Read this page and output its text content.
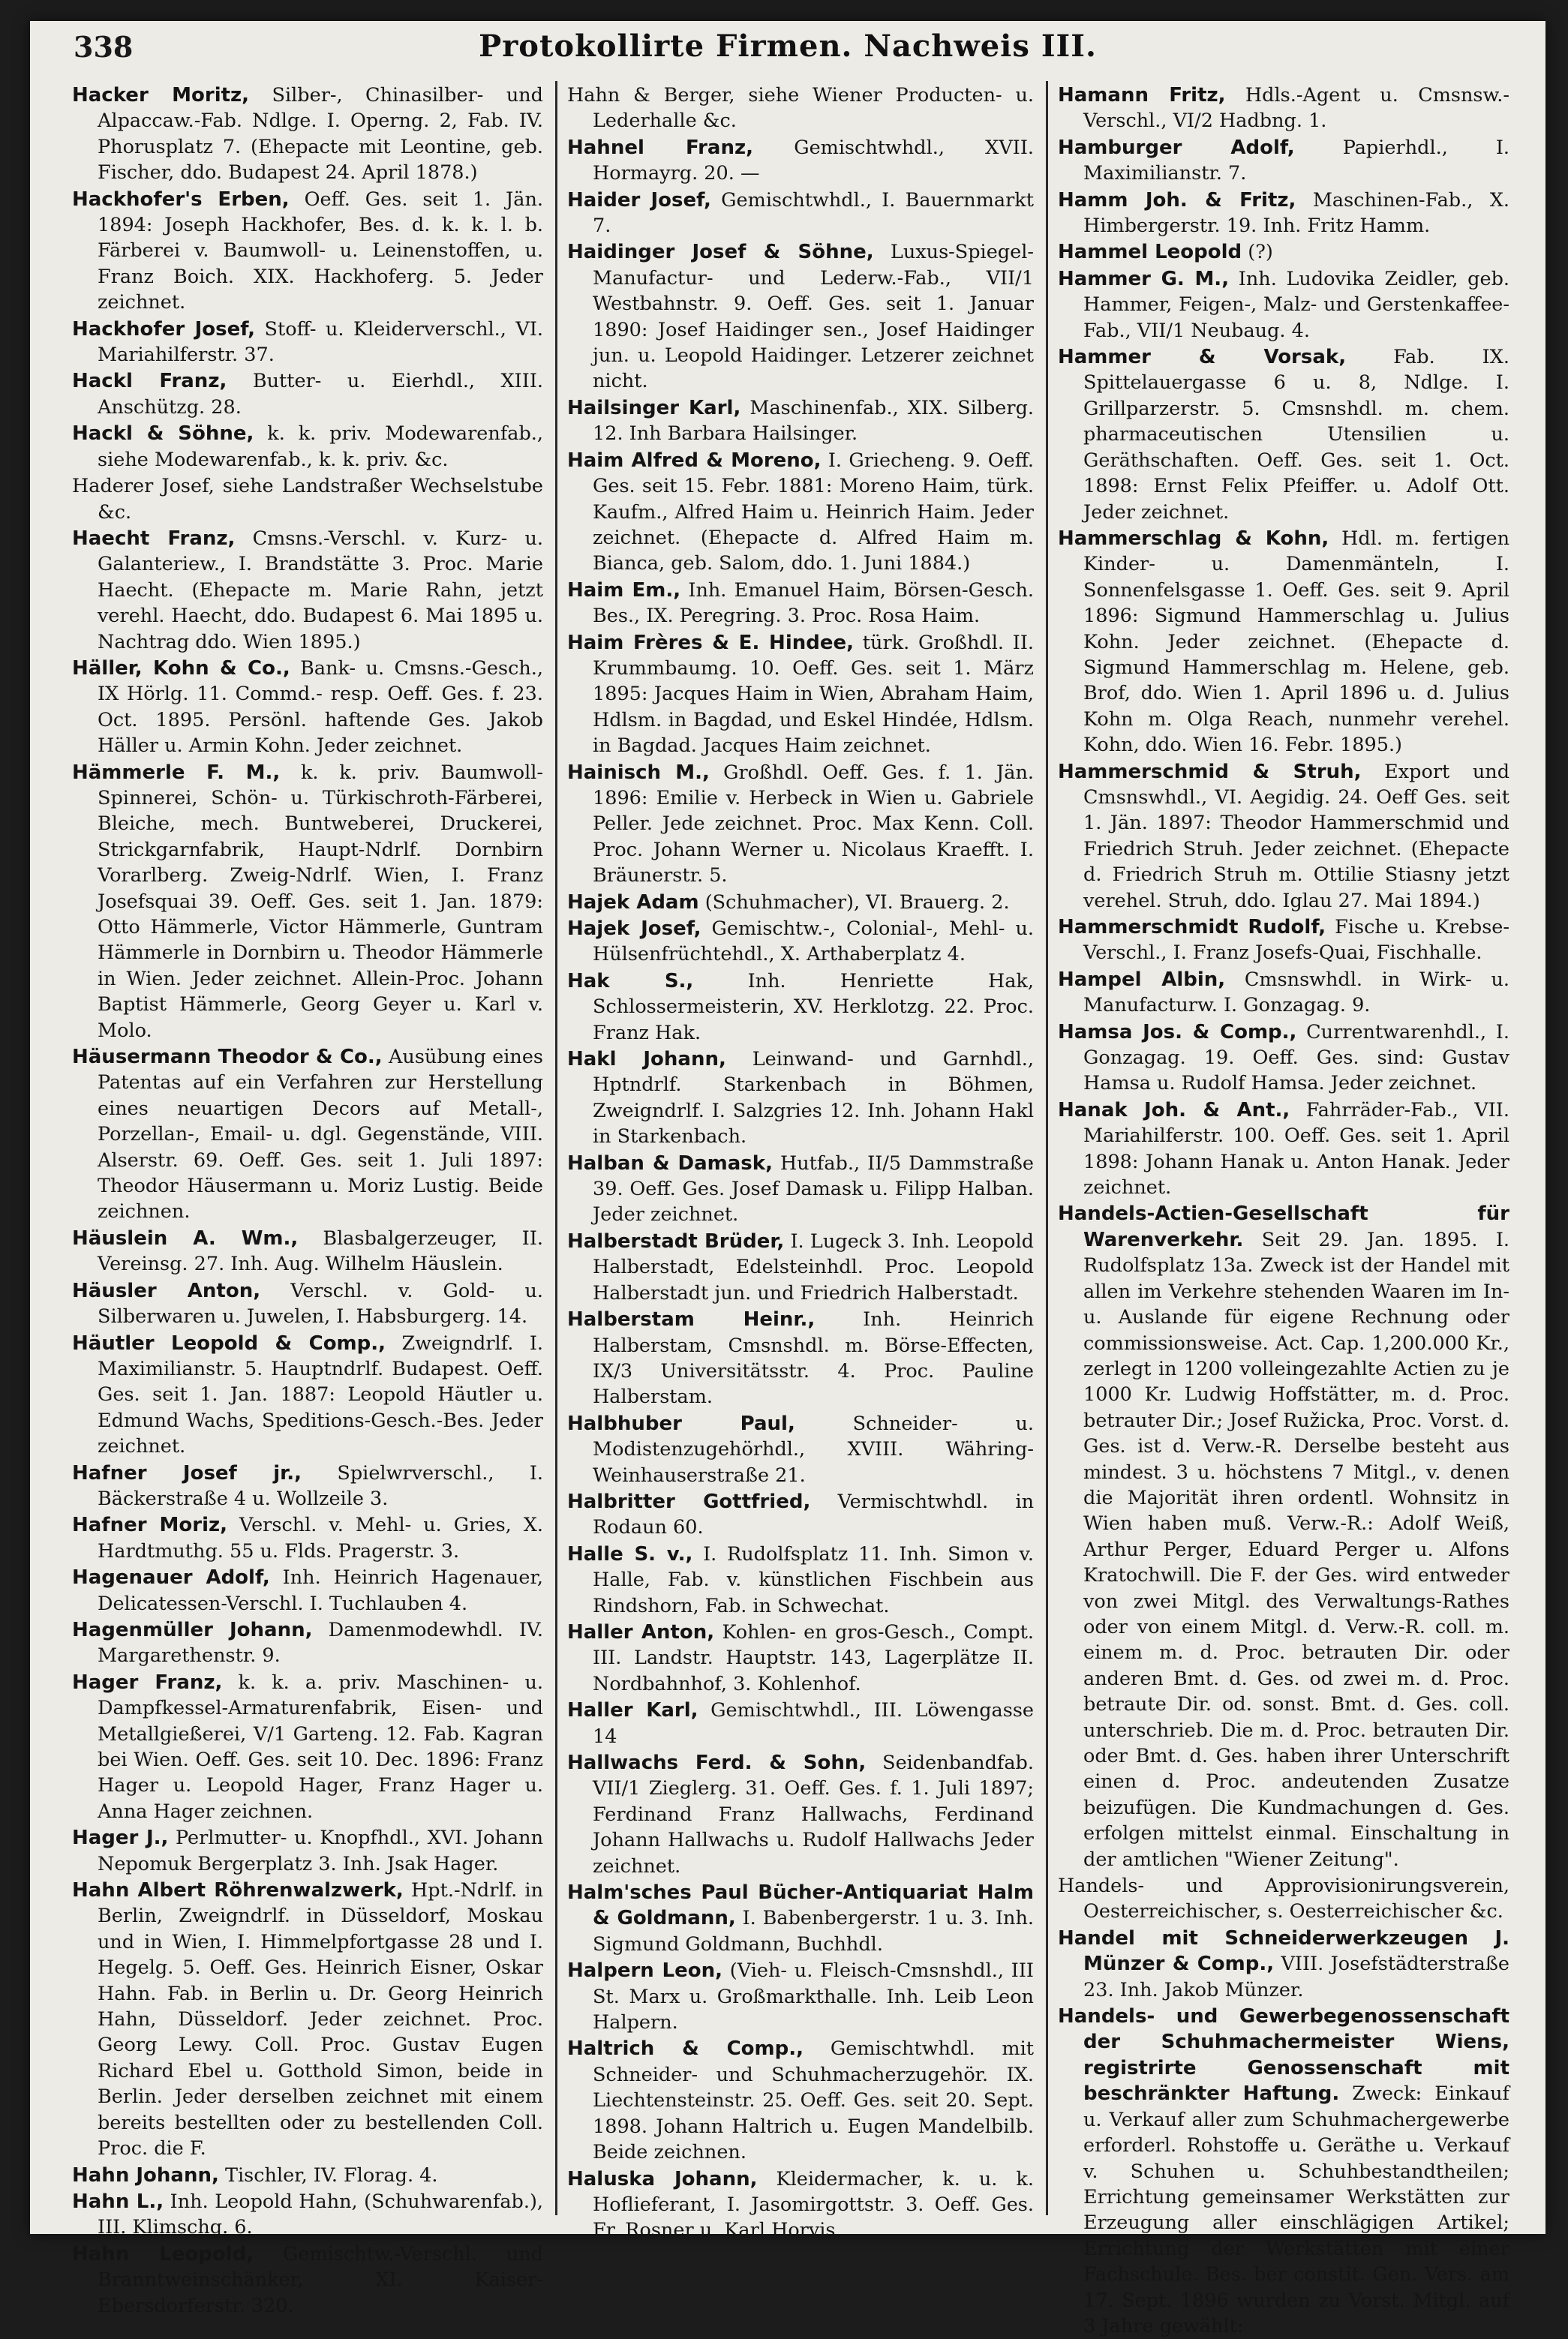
338	Protokollirte Firmen. Nachweis III.
Hacker Moritz, Silber-, Chinasilber- und Alpaccaw.-Fab. Ndlge. I. Operng. 2, Fab. IV. Phorusplatz 7. (Ehepacte mit Leontine, geb. Fischer, ddo. Budapest 24. April 1878.)
Hackhofer's Erben, Oeff. Ges. seit 1. Jän. 1894: Joseph Hackhofer, Bes. d. k. k. l. b. Färberei v. Baumwoll- u. Leinenstoffen, u. Franz Boich. XIX. Hackhoferg. 5. Jeder zeichnet.
Hackhofer Josef, Stoff- u. Kleiderverschl., VI. Mariahilferstr. 37.
Hackl Franz, Butter- u. Eierhdl., XIII. Anschützg. 28.
Hackl & Söhne, k. k. priv. Modewarenfab., siehe Modewarenfab., k. k. priv. &c.
Haderer Josef, siehe Landstraßer Wechselstube &c.
Haecht Franz, Cmsns.-Verschl. v. Kurz- u. Galanteriew., I. Brandstätte 3. Proc. Marie Haecht. (Ehepacte m. Marie Rahn, jetzt verehl. Haecht, ddo. Budapest 6. Mai 1895 u. Nachtrag ddo. Wien 1895.)
Häller, Kohn & Co., Bank- u. Cmsns.-Gesch., IX Hörlg. 11. Commd.- resp. Oeff. Ges. f. 23. Oct. 1895. Persönl. haftende Ges. Jakob Häller u. Armin Kohn. Jeder zeichnet.
Hämmerle F. M., k. k. priv. Baumwoll-Spinnerei, Schön- u. Türkischroth-Färberei, Bleiche, mech. Buntweberei, Druckerei, Strickgarnfabrik, Haupt-Ndrlf. Dornbirn Vorarlberg. Zweig-Ndrlf. Wien, I. Franz Josefsquai 39. Oeff. Ges. seit 1. Jan. 1879: Otto Hämmerle, Victor Hämmerle, Guntram Hämmerle in Dornbirn u. Theodor Hämmerle in Wien. Jeder zeichnet. Allein-Proc. Johann Baptist Hämmerle, Georg Geyer u. Karl v. Molo.
Häusermann Theodor & Co., Ausübung eines Patentas auf ein Verfahren zur Herstellung eines neuartigen Decors auf Metall-, Porzellan-, Email- u. dgl. Gegenstände, VIII. Alserstr. 69. Oeff. Ges. seit 1. Juli 1897: Theodor Häusermann u. Moriz Lustig. Beide zeichnen.
Häuslein A. Wm., Blasbalgerzeuger, II. Vereinsg. 27. Inh. Aug. Wilhelm Häuslein.
Häusler Anton, Verschl. v. Gold- u. Silberwaren u. Juwelen, I. Habsburgerg. 14.
Häutler Leopold & Comp., Zweigndrlf. I. Maximilianstr. 5. Hauptndrlf. Budapest. Oeff. Ges. seit 1. Jan. 1887: Leopold Häutler u. Edmund Wachs, Speditions-Gesch.-Bes. Jeder zeichnet.
Hafner Josef jr., Spielwrverschl., I. Bäckerstraße 4 u. Wollzeile 3.
Hafner Moriz, Verschl. v. Mehl- u. Gries, X. Hardtmuthg. 55 u. Flds. Pragerstr. 3.
Hagenauer Adolf, Inh. Heinrich Hagenauer, Delicatessen-Verschl. I. Tuchlauben 4.
Hagenmüller Johann, Damenmodewhdl. IV. Margarethenstr. 9.
Hager Franz, k. k. a. priv. Maschinen- u. Dampfkessel-Armaturenfabrik, Eisen- und Metallgießerei, V/1 Garteng. 12. Fab. Kagran bei Wien. Oeff. Ges. seit 10. Dec. 1896: Franz Hager u. Leopold Hager, Franz Hager u. Anna Hager zeichnen.
Hager J., Perlmutter- u. Knopfhdl., XVI. Johann Nepomuk Bergerplatz 3. Inh. Jsak Hager.
Hahn Albert Röhrenwalzwerk, Hpt.-Ndrlf. in Berlin, Zweigndrlf. in Düsseldorf, Moskau und in Wien, I. Himmelpfortgasse 28 und I. Hegelg. 5. Oeff. Ges. Heinrich Eisner, Oskar Hahn. Fab. in Berlin u. Dr. Georg Heinrich Hahn, Düsseldorf. Jeder zeichnet. Proc. Georg Lewy. Coll. Proc. Gustav Eugen Richard Ebel u. Gotthold Simon, beide in Berlin. Jeder derselben zeichnet mit einem bereits bestellten oder zu bestellenden Coll. Proc. die F.
Hahn Johann, Tischler, IV. Florag. 4.
Hahn L., Inh. Leopold Hahn, (Schuhwarenfab.), III. Klimschg. 6.
Hahn Leopold, Gemischtw.-Verschl. und Branntweinschänker, XI. Kaiser-Ebersdorferstr. 320.
Hahn & Berger, siehe Wiener Producten- u. Lederhalle &c.
Hahnel Franz, Gemischtwhdl., XVII. Hormayrg. 20. —
Haider Josef, Gemischtwhdl., I. Bauernmarkt 7.
Haidinger Josef & Söhne, Luxus-Spiegel-Manufactur- und Lederw.-Fab., VII/1 Westbahnstr. 9. Oeff. Ges. seit 1. Januar 1890: Josef Haidinger sen., Josef Haidinger jun. u. Leopold Haidinger. Letzerer zeichnet nicht.
Hailsinger Karl, Maschinenfab., XIX. Silberg. 12. Inh Barbara Hailsinger.
Haim Alfred & Moreno, I. Griecheng. 9. Oeff. Ges. seit 15. Febr. 1881: Moreno Haim, türk. Kaufm., Alfred Haim u. Heinrich Haim. Jeder zeichnet. (Ehepacte d. Alfred Haim m. Bianca, geb. Salom, ddo. 1. Juni 1884.)
Haim Em., Inh. Emanuel Haim, Börsen-Gesch. Bes., IX. Peregring. 3. Proc. Rosa Haim.
Haim Frères & E. Hindee, türk. Großhdl. II. Krummbaumg. 10. Oeff. Ges. seit 1. März 1895: Jacques Haim in Wien, Abraham Haim, Hdlsm. in Bagdad, und Eskel Hindée, Hdlsm. in Bagdad. Jacques Haim zeichnet.
Hainisch M., Großhdl. Oeff. Ges. f. 1. Jän. 1896: Emilie v. Herbeck in Wien u. Gabriele Peller. Jede zeichnet. Proc. Max Kenn. Coll. Proc. Johann Werner u. Nicolaus Kraefft. I. Bräunerstr. 5.
Hajek Adam (Schuhmacher), VI. Brauerg. 2.
Hajek Josef, Gemischtw.-, Colonial-, Mehl- u. Hülsenfrüchtehdl., X. Arthaberplatz 4.
Hak S.,	Inh. Henriette Hak, Schlossermeisterin, XV. Herklotzg. 22. Proc. Franz Hak.
Hakl Johann, Leinwand- und Garnhdl., Hptndrlf. Starkenbach in Böhmen, Zweigndrlf. I. Salzgries 12. Inh. Johann Hakl in Starkenbach.
Halban & Damask, Hutfab., II/5 Dammstraße 39. Oeff. Ges. Josef Damask u. Filipp Halban. Jeder zeichnet.
Halberstadt Brüder, I. Lugeck 3. Inh. Leopold Halberstadt, Edelsteinhdl. Proc. Leopold Halberstadt jun. und Friedrich Halberstadt.
Halberstam Heinr.,	Inh. Heinrich Halberstam, Cmsnshdl. m. Börse-Effecten, IX/3 Universitätsstr. 4. Proc. Pauline Halberstam.
Halbhuber Paul,	Schneider- u. Modistenzugehörhdl., XVIII. Währing-Weinhauserstraße 21.
Halbritter Gottfried, Vermischtwhdl. in Rodaun 60.
Halle S. v., I. Rudolfsplatz 11. Inh. Simon v. Halle, Fab. v. künstlichen Fischbein aus Rindshorn, Fab. in Schwechat.
Haller Anton, Kohlen- en gros-Gesch., Compt. III. Landstr. Hauptstr. 143, Lagerplätze II. Nordbahnhof, 3. Kohlenhof.
Haller Karl, Gemischtwhdl., III. Löwengasse 14
Hallwachs Ferd. & Sohn, Seidenbandfab. VII/1 Zieglerg. 31. Oeff. Ges. f. 1. Juli 1897; Ferdinand Franz Hallwachs, Ferdinand Johann Hallwachs u. Rudolf Hallwachs Jeder zeichnet.
Halm'sches Paul Bücher-Antiquariat Halm & Goldmann, I. Babenbergerstr. 1 u. 3. Inh. Sigmund Goldmann, Buchhdl.
Halpern Leon, (Vieh- u. Fleisch-Cmsnshdl., III St. Marx u. Großmarkthalle. Inh. Leib Leon Halpern.
Haltrich & Comp., Gemischtwhdl. mit Schneider- und Schuhmacherzugehör. IX. Liechtensteinstr. 25. Oeff. Ges. seit 20. Sept. 1898. Johann Haltrich u. Eugen Mandelbilb. Beide zeichnen.
Haluska Johann, Kleidermacher, k. u. k. Hoflieferant, I. Jasomirgottstr. 3. Oeff. Ges. Fr. Rosner u. Karl Horvis.
Hamann Fritz, Hdls.-Agent u. Cmsnsw.-Verschl., VI/2 Hadbng. 1.
Hamburger Adolf,	Papierhdl., I. Maximilianstr. 7.
Hamm Joh. & Fritz, Maschinen-Fab., X. Himbergerstr. 19. Inh. Fritz Hamm.
Hammel Leopold (?)
Hammer G. M., Inh. Ludovika Zeidler, geb. Hammer, Feigen-, Malz- und Gerstenkaffee-Fab., VII/1 Neubaug. 4.
Hammer & Vorsak, Fab. IX. Spittelauergasse 6 u. 8, Ndlge. I. Grillparzerstr. 5. Cmsnshdl. m. chem. pharmaceutischen Utensilien u. Geräthschaften. Oeff. Ges. seit 1. Oct. 1898: Ernst Felix Pfeiffer. u. Adolf Ott. Jeder zeichnet.
Hammerschlag & Kohn, Hdl. m. fertigen Kinder- u. Damenmänteln, I. Sonnenfelsgasse 1. Oeff. Ges. seit 9. April 1896: Sigmund Hammerschlag u. Julius Kohn. Jeder zeichnet. (Ehepacte d. Sigmund Hammerschlag m. Helene, geb. Brof, ddo. Wien 1. April 1896 u. d. Julius Kohn m. Olga Reach, nunmehr verehel. Kohn, ddo. Wien 16. Febr. 1895.)
Hammerschmid & Struh, Export und Cmsnswhdl., VI. Aegidig. 24. Oeff Ges. seit 1. Jän. 1897: Theodor Hammerschmid und Friedrich Struh. Jeder zeichnet. (Ehepacte d. Friedrich Struh m. Ottilie Stiasny jetzt verehel. Struh, ddo. Iglau 27. Mai 1894.)
Hammerschmidt Rudolf, Fische u. Krebse-Verschl., I. Franz Josefs-Quai, Fischhalle.
Hampel Albin, Cmsnswhdl. in Wirk- u. Manufacturw. I. Gonzagag. 9.
Hamsa Jos. & Comp., Currentwarenhdl., I. Gonzagag. 19. Oeff. Ges. sind: Gustav Hamsa u. Rudolf Hamsa. Jeder zeichnet.
Hanak Joh. & Ant., Fahrräder-Fab., VII. Mariahilferstr. 100. Oeff. Ges. seit 1. April 1898: Johann Hanak u. Anton Hanak. Jeder zeichnet.
Handels-Actien-Gesellschaft für Warenverkehr. Seit 29. Jan. 1895. I. Rudolfsplatz 13a. Zweck ist der Handel mit allen im Verkehre stehenden Waaren im In- u. Auslande für eigene Rechnung oder commissionsweise. Act. Cap. 1,200.000 Kr., zerlegt in 1200 volleingezahlte Actien zu je 1000 Kr. Ludwig Hoffstätter, m. d. Proc. betrauter Dir.; Josef Ružicka, Proc. Vorst. d. Ges. ist d. Verw.-R. Derselbe besteht aus mindest. 3 u. höchstens 7 Mitgl., v. denen die Majorität ihren ordentl. Wohnsitz in Wien haben muß. Verw.-R.: Adolf Weiß, Arthur Perger, Eduard Perger u. Alfons Kratochwill. Die F. der Ges. wird entweder von zwei Mitgl. des Verwaltungs-Rathes oder von einem Mitgl. d. Verw.-R. coll. m. einem m. d. Proc. betrauten Dir. oder anderen Bmt. d. Ges. od zwei m. d. Proc. betraute Dir. od. sonst. Bmt. d. Ges. coll. unterschrieb. Die m. d. Proc. betrauten Dir. oder Bmt. d. Ges. haben ihrer Unterschrift einen d. Proc. andeutenden Zusatze beizufügen. Die Kundmachungen d. Ges. erfolgen mittelst einmal. Einschaltung in der amtlichen "Wiener Zeitung".
Handels- und Approvisionirungsverein, Oesterreichischer, s. Oesterreichischer &c.
Handel mit Schneiderwerkzeugen J. Münzer & Comp., VIII. Josefstädterstraße 23. Inh. Jakob Münzer.
Handels- und Gewerbegenossenschaft der Schuhmachermeister Wiens, registrirte Genossenschaft mit beschränkter Haftung. Zweck: Einkauf u. Verkauf aller zum Schuhmachergewerbe erforderl. Rohstoffe u. Geräthe u. Verkauf v. Schuhen u. Schuhbestandtheilen; Errichtung gemeinsamer Werkstätten zur Erzeugung aller einschlägigen Artikel; Errichtung der Werkstätten mit einer Fachschule. Bes. ber constit. Gen. Vers. am 17. Sept. 1896 wurden zu Vorst. Mitgl. auf 3 Jahre gewählt:
